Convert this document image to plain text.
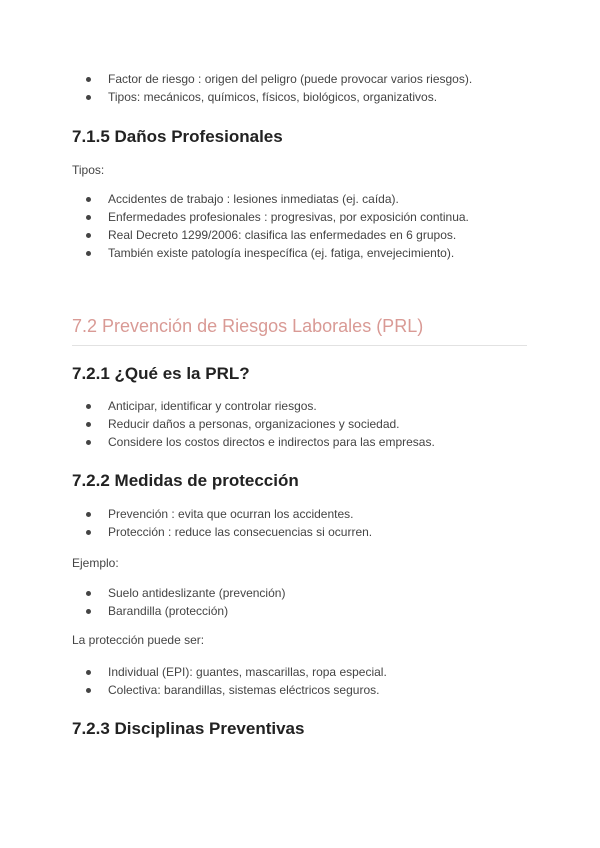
Factor de riesgo : origen del peligro (puede provocar varios riesgos).
Tipos: mecánicos, químicos, físicos, biológicos, organizativos.
7.1.5 Daños Profesionales
Tipos:
Accidentes de trabajo : lesiones inmediatas (ej. caída).
Enfermedades profesionales : progresivas, por exposición continua.
Real Decreto 1299/2006: clasifica las enfermedades en 6 grupos.
También existe patología inespecífica (ej. fatiga, envejecimiento).
7.2 Prevención de Riesgos Laborales (PRL)
7.2.1 ¿Qué es la PRL?
Anticipar, identificar y controlar riesgos.
Reducir daños a personas, organizaciones y sociedad.
Considere los costos directos e indirectos para las empresas.
7.2.2 Medidas de protección
Prevención : evita que ocurran los accidentes.
Protección : reduce las consecuencias si ocurren.
Ejemplo:
Suelo antideslizante (prevención)
Barandilla (protección)
La protección puede ser:
Individual (EPI): guantes, mascarillas, ropa especial.
Colectiva: barandillas, sistemas eléctricos seguros.
7.2.3 Disciplinas Preventivas
